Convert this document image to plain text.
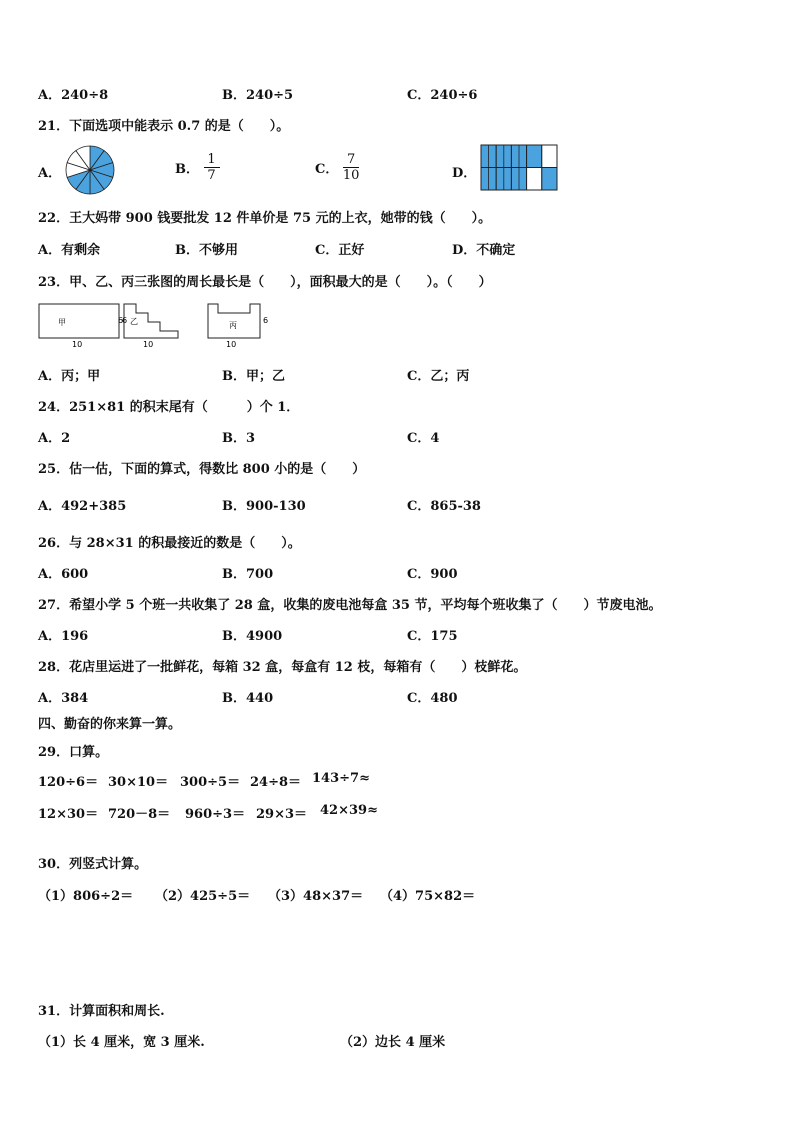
A．240÷8	B．240÷5	C．240÷6
21．下面选项中能表示 0.7 的是（　　）。
A．	B． $\frac{1}{7}$	C． $\frac{7}{10}$	D．
22．王大妈带 900 钱要批发 12 件单价是 75 元的上衣，她带的钱（　　）。
A．有剩余	B．不够用	C．正好	D．不确定
23．甲、乙、丙三张图的周长最长是（　　），面积最大的是（　　）。（　　）
甲	6
10
6 乙
10
丙
6
10
A．丙；甲	B．甲；乙	C．乙；丙
24．251×81 的积末尾有（　　　）个 1．
A．2	B．3	C．4
25．估一估，下面的算式，得数比 800 小的是（　　）
A．492+385	B．900-130	C．865-38
26．与 28×31 的积最接近的数是（　　）。
A．600	B．700	C．900
27．希望小学 5 个班一共收集了 28 盒，收集的废电池每盒 35 节，平均每个班收集了（　　）节废电池。
A．196	B．4900	C．175
28．花店里运进了一批鲜花，每箱 32 盒，每盒有 12 枝，每箱有（　　）枝鲜花。
A．384	B．440	C．480
四、勤奋的你来算一算。
29．口算。
120÷6＝ 30×10＝ 300÷5＝ 24÷8＝ 143÷7≈
12×30＝ 720－8＝ 960÷3＝ 29×3＝ 42×39≈
30．列竖式计算。
（1）806÷2＝ （2）425÷5＝ （3）48×37＝ （4）75×82＝
31．计算面积和周长.
（1）长 4 厘米，宽 3 厘米.	（2）边长 4 厘米
